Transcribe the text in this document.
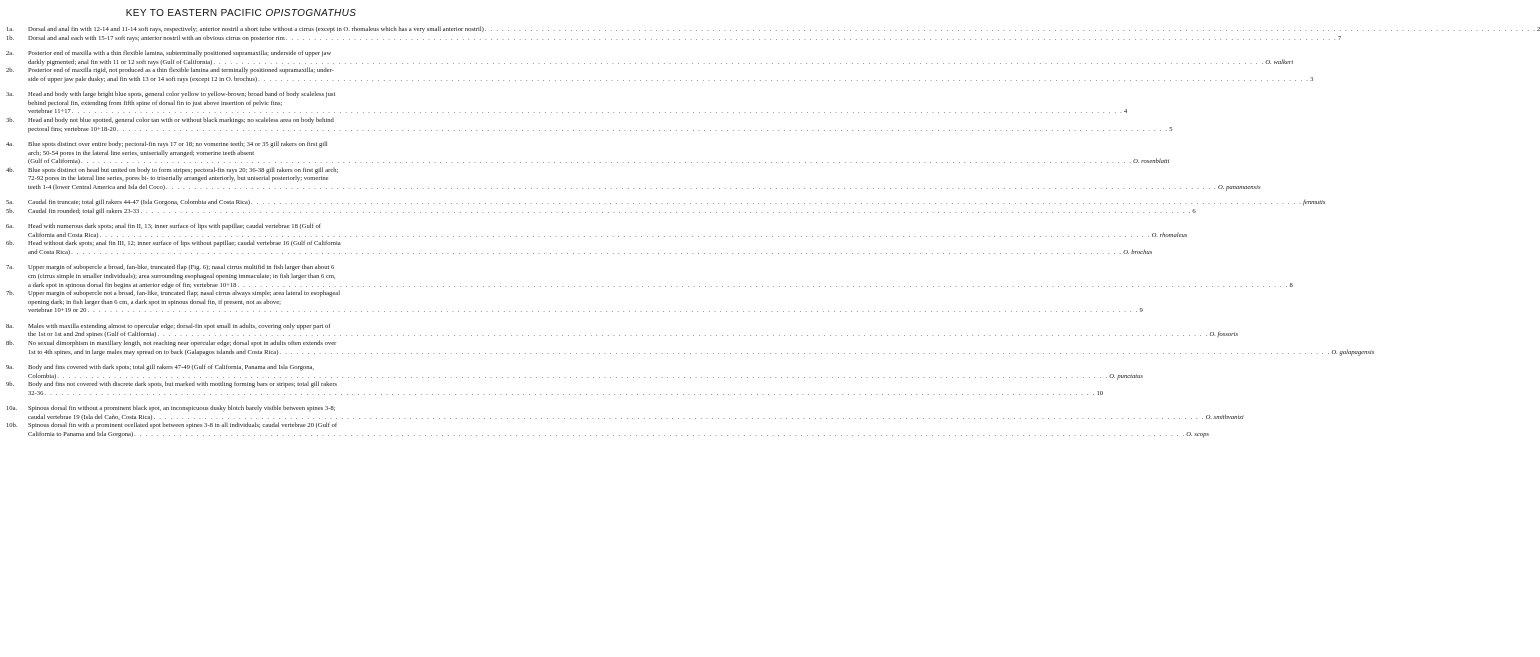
KEY TO EASTERN PACIFIC OPISTOGNATHUS
1a.	Dorsal and anal fin with 12-14 and 11-14 soft rays, respectively; anterior nostril a short tube without a cirrus (except in O. rhomaleus which has a very small anterior nostril) . . .	2
1b.	Dorsal and anal each with 15-17 soft rays; anterior nostril with an obvious cirrus on posterior rim . . .	7
2a.	Posterior end of maxilla with a thin flexible lamina, subterminally positioned supramaxilla; underside of upper jaw
darkly pigmented; anal fin with 11 or 12 soft rays (Gulf of California) . . .	O. walkeri
2b.	Posterior end of maxilla rigid, not produced as a thin flexible lamina and terminally positioned supramaxilla; under-
side of upper jaw pale dusky; anal fin with 13 or 14 soft rays (except 12 in O. brochus) . . .	3
3a.	Head and body with large bright blue spots, general color yellow to yellow-brown; broad band of body scaleless just
behind pectoral fin, extending from fifth spine of dorsal fin to just above insertion of pelvic fins;
vertebrae 11+17 . . .	4
3b.	Head and body not blue spotted, general color tan with or without black markings; no scaleless area on body behind
pectoral fins; vertebrae 10+18-20 . . .	5
4a.	Blue spots distinct over entire body; pectoral-fin rays 17 or 18; no vomerine teeth; 34 or 35 gill rakers on first gill
arch; 50-54 pores in the lateral line series, uniserially arranged; vomerine teeth absent
(Gulf of California) . . .	O. rosenblatti
4b.	Blue spots distinct on head but united on body to form stripes; pectoral-fin rays 20; 36-38 gill rakers on first gill arch;
72-92 pores in the lateral line series, pores bi- to triserially arranged anteriorly, but uniserial posteriorly; vomerine
teeth 1-4 (lower Central America and Isla del Coco) . . .	O. panamaensis
5a.	Caudal fin truncate; total gill rakers 44-47 (Isla Gorgona, Colombia and Costa Rica) . . .	fenmutis
5b.	Caudal fin rounded; total gill rakers 23-33 . . .	6
6a.	Head with numerous dark spots; anal fin II, 13; inner surface of lips with papillae; caudal vertebrae 18 (Gulf of
California and Costa Rica) . . .	O. rhomaleus
6b.	Head without dark spots; anal fin III, 12; inner surface of lips without papillae; caudal vertebrae 16 (Gulf of California
and Costa Rica) . . .	O. brochus
7a.	Upper margin of subopercle a broad, fan-like, truncated flap (Fig. 6); nasal cirrus multifid in fish larger than about 6
cm (cirrus simple in smaller individuals); area surrounding esophageal opening immaculate; in fish larger than 6 cm,
a dark spot in spinous dorsal fin begins at anterior edge of fin; vertebrae 10+18 . . .	8
7b.	Upper margin of subopercle not a broad, fan-like, truncated flap; nasal cirrus always simple; area lateral to esophageal
opening dark; in fish larger than 6 cm, a dark spot in spinous dorsal fin, if present, not as above;
vertebrae 10+19 or 20 . . .	9
8a.	Males with maxilla extending almost to opercular edge; dorsal-fin spot small in adults, covering only upper part of
the 1st or 1st and 2nd spines (Gulf of California) . . .	O. fossoris
8b.	No sexual dimorphism in maxillary length, not reaching near opercular edge; dorsal spot in adults often extends over
1st to 4th spines, and in large males may spread on to back (Galapagos islands and Costa Rica) . . .	O. galapagensis
9a.	Body and fins covered with dark spots; total gill rakers 47-49 (Gulf of California, Panama and Isla Gorgona,
Colombia) . . .	O. punctatus
9b.	Body and fins not covered with discrete dark spots, but marked with mottling forming bars or stripes; total gill rakers
32-36 . . .	10
10a.	Spinous dorsal fin without a prominent black spot, an inconspicuous dusky blotch barely visible between spines 3-8;
caudal vertebrae 19 (Isla del Caño, Costa Rica) . . .	O. smithvanizi
10b.	Spinous dorsal fin with a prominent ocellated spot between spines 3-8 in all individuals; caudal vertebrae 20 (Gulf of
California to Panama and Isla Gorgona) . . .	O. scops
